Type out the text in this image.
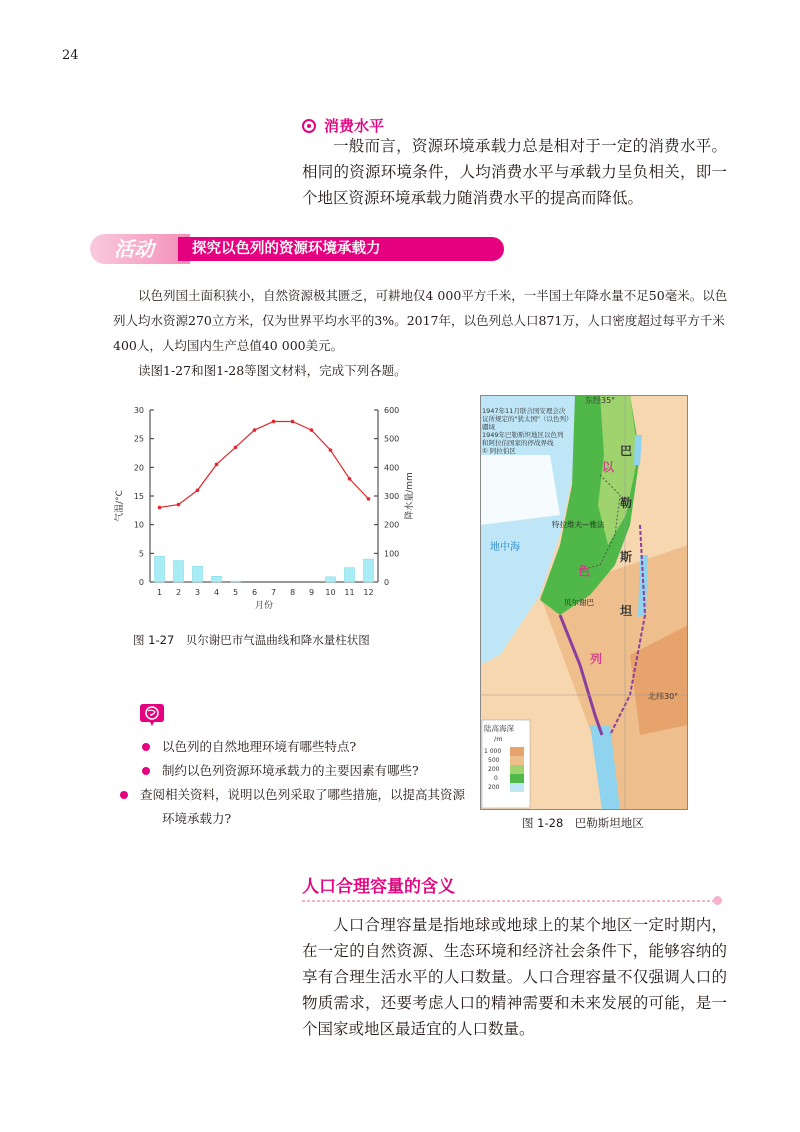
24
消费水平
一般而言，资源环境承载力总是相对于一定的消费水平。相同的资源环境条件，人均消费水平与承载力呈负相关，即一个地区资源环境承载力随消费水平的提高而降低。
活动	探究以色列的资源环境承载力

以色列国土面积狭小，自然资源极其匮乏，可耕地仅4 000平方千米，一半国土年降水量不足50毫米。以色列人均水资源270立方米，仅为世界平均水平的3%。2017年，以色列总人口871万，人口密度超过每平方千米400人，人均国内生产总值40 000美元。

读图1-27和图1-28等图文材料，完成下列各题。

0
5
10
15
20
25
30
0
100
200
300
400
500
600
1 2 3 4 5 6 7 8 9 10 11 12
月份
气温/°C	降水量/mm
图 1-27　贝尔谢巴市气温曲线和降水量柱状图
东经35°
北纬30°
地中海
特拉维夫—雅法
贝尔谢巴
巴
勒
斯
坦
以
色
列
1947年11月联合国安理会决议所规定的"犹太国"（以色列）疆域
1949年巴勒斯坦地区以色列和阿拉伯国家的停战界线
① 阿拉伯区
陆高海深
/m
1 000
500
200
0
200
图 1-28　巴勒斯坦地区
以色列的自然地理环境有哪些特点?
制约以色列资源环境承载力的主要因素有哪些?
查阅相关资料，说明以色列采取了哪些措施，以提高其资源环境承载力?
人口合理容量的含义
人口合理容量是指地球或地球上的某个地区一定时期内，在一定的自然资源、生态环境和经济社会条件下，能够容纳的享有合理生活水平的人口数量。人口合理容量不仅强调人口的物质需求，还要考虑人口的精神需要和未来发展的可能，是一个国家或地区最适宜的人口数量。
